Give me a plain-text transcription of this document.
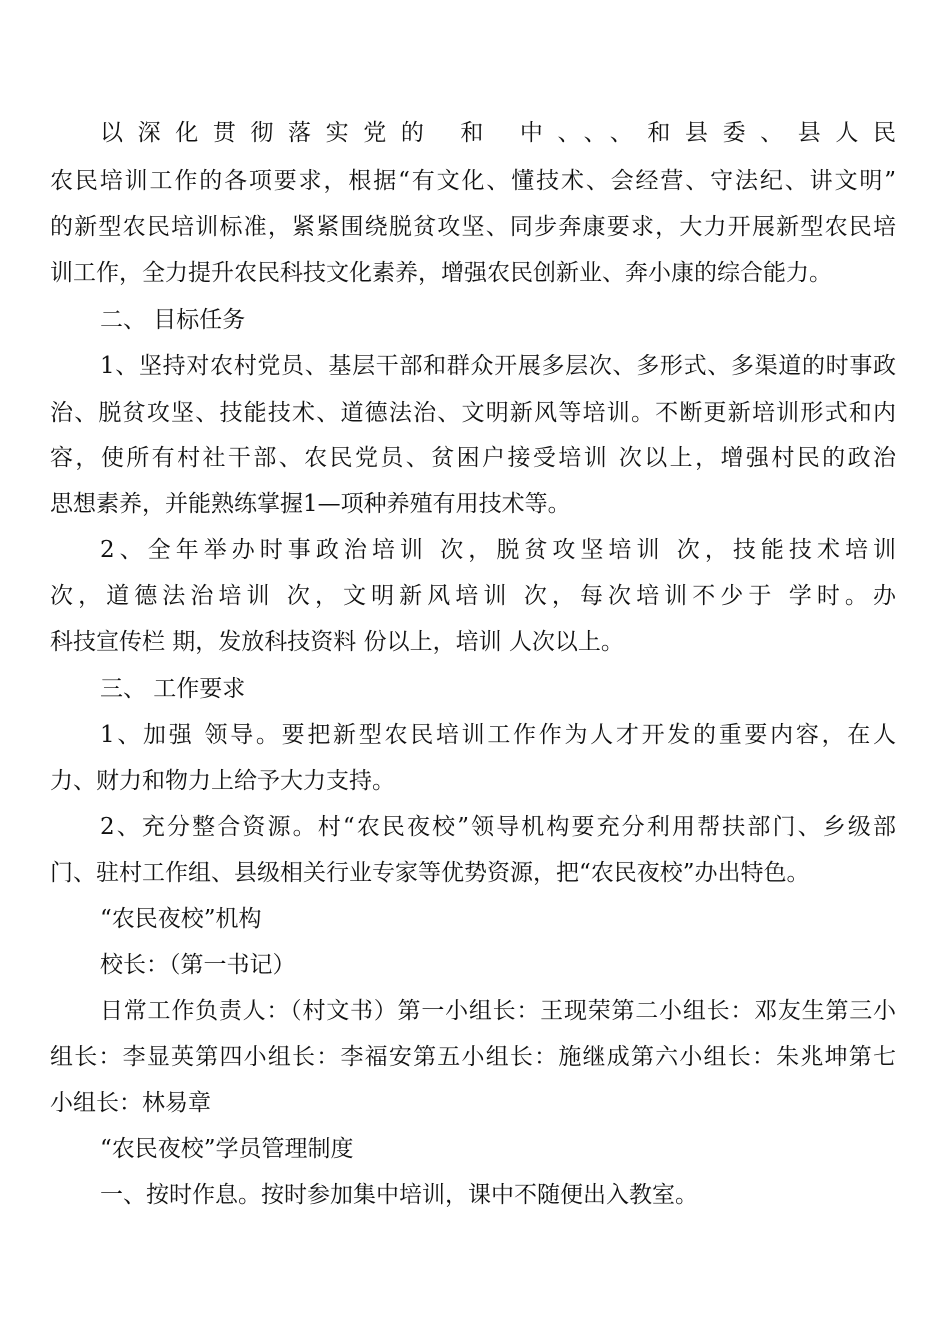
以深化贯彻落实党的 和 中、、、和县委、县人民
农民培训工作的各项要求，根据“有文化、懂技术、会经营、守法纪、讲文明”
的新型农民培训标准，紧紧围绕脱贫攻坚、同步奔康要求，大力开展新型农民培
训工作，全力提升农民科技文化素养，增强农民创新业、奔小康的综合能力。
二、 目标任务
1、坚持对农村党员、基层干部和群众开展多层次、多形式、多渠道的时事政
治、脱贫攻坚、技能技术、道德法治、文明新风等培训。不断更新培训形式和内
容，使所有村社干部、农民党员、贫困户接受培训 次以上，增强村民的政治
思想素养，并能熟练掌握1—项种养殖有用技术等。
2、全年举办时事政治培训 次，脱贫攻坚培训 次，技能技术培训
次，道德法治培训 次，文明新风培训 次，每次培训不少于 学时。办
科技宣传栏 期，发放科技资料 份以上，培训 人次以上。
三、 工作要求
1、加强 领导。要把新型农民培训工作作为人才开发的重要内容，在人
力、财力和物力上给予大力支持。
2、充分整合资源。村“农民夜校”领导机构要充分利用帮扶部门、乡级部
门、驻村工作组、县级相关行业专家等优势资源，把“农民夜校”办出特色。
“农民夜校”机构
校长：（第一书记）
日常工作负责人：（村文书）第一小组长：王现荣第二小组长：邓友生第三小
组长：李显英第四小组长：李福安第五小组长：施继成第六小组长：朱兆坤第七
小组长：林易章
“农民夜校”学员管理制度
一、按时作息。按时参加集中培训，课中不随便出入教室。
